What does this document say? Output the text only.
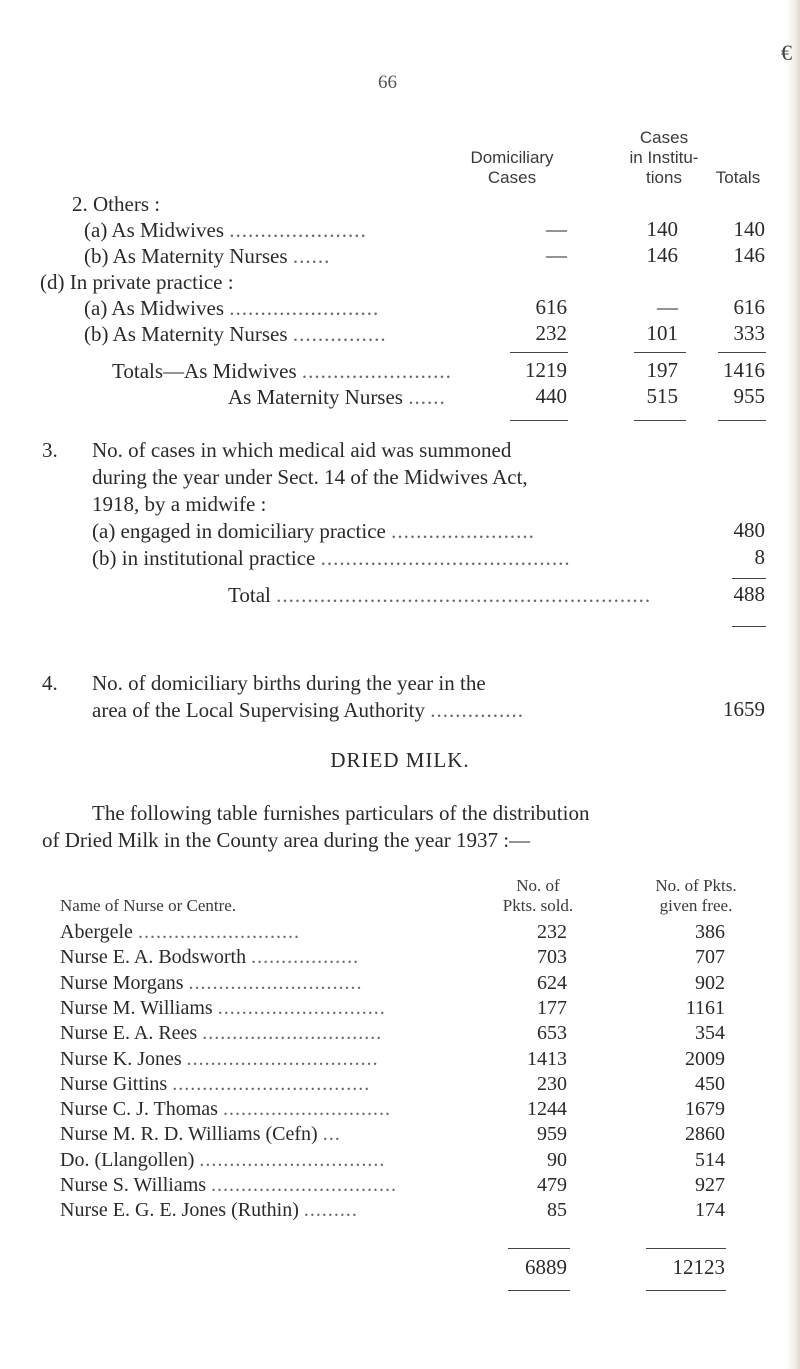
66
€
Domiciliary
Cases
Cases
in Institu-
tions	Totals
2. Others :
(a) As Midwives ......................	—	140	140
(b) As Maternity Nurses ......	—	146	146
(d) In private practice :
(a) As Midwives ........................	616	—	616
(b) As Maternity Nurses ...............	232	101	333
Totals—As Midwives ........................	1219	197 1416
As Maternity Nurses ......	440	515	955
3. No. of cases in which medical aid was summoned
during the year under Sect. 14 of the Midwives Act,
1918, by a midwife :
(a) engaged in domiciliary practice .......................	480
(b) in institutional practice ........................................	8
Total ............................................................	488
4. No. of domiciliary births during the year in the
area of the Local Supervising Authority ...............	1659
DRIED MILK.
The following table furnishes particulars of the distribution
of Dried Milk in the County area during the year 1937 :—
Name of Nurse or Centre.
No. of
Pkts. sold.
No. of Pkts.
given free.
Abergele ...........................	232	386
Nurse E. A. Bodsworth ..................	703	707
Nurse Morgans .............................	624	902
Nurse M. Williams ............................	177	1161
Nurse E. A. Rees ..............................	653	354
Nurse K. Jones ................................	1413	2009
Nurse Gittins .................................	230	450
Nurse C. J. Thomas ............................	1244	1679
Nurse M. R. D. Williams (Cefn) ...	959	2860
Do. (Llangollen) ...............................	90	514
Nurse S. Williams ...............................	479	927
Nurse E. G. E. Jones (Ruthin) .........	85	174
6889	12123
